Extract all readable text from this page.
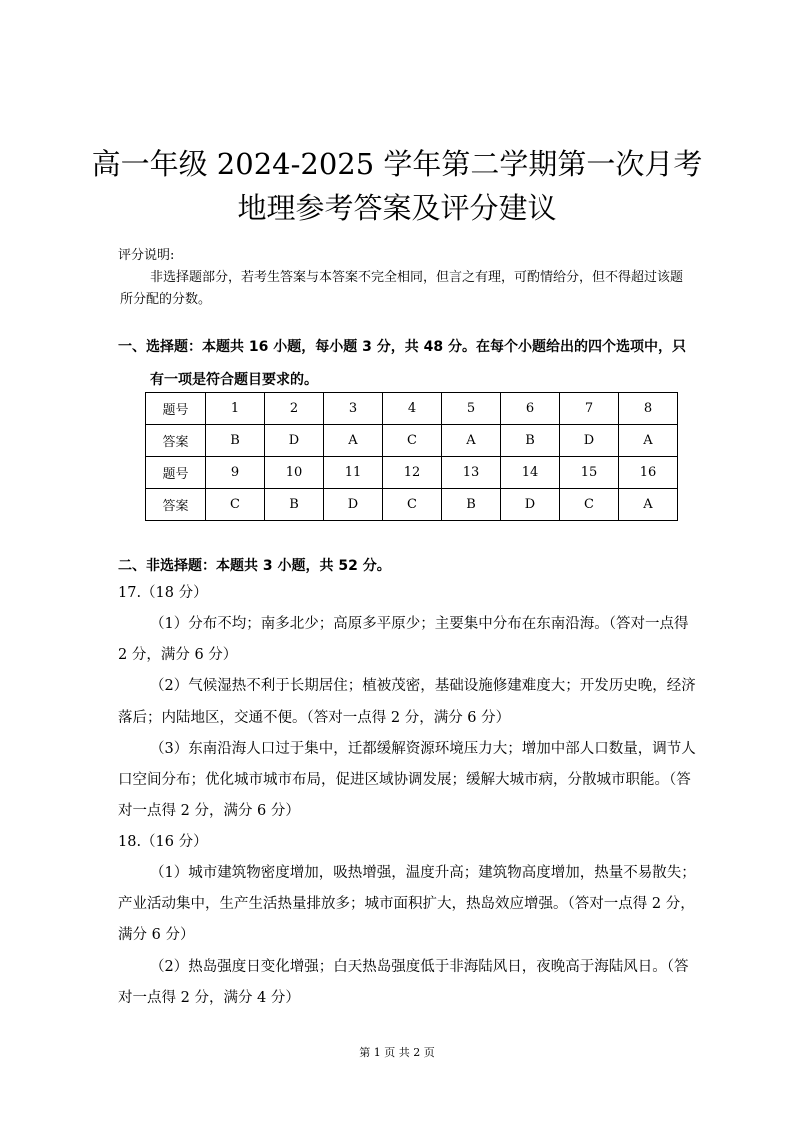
高一年级 2024-2025 学年第二学期第一次月考
地理参考答案及评分建议
评分说明:
非选择题部分，若考生答案与本答案不完全相同，但言之有理，可酌情给分，但不得超过该题
所分配的分数。
一、选择题：本题共 16 小题，每小题 3 分，共 48 分。在每个小题给出的四个选项中，只
有一项是符合题目要求的。
题号	1	2	3	4	5	6	7	8
答案	B	D	A	C	A	B	D	A
题号	9	10	11	12	13	14	15	16
答案	C	B	D	C	B	D	C	A
二、非选择题：本题共 3 小题，共 52 分。
17.（18 分）
（1）分布不均；南多北少；高原多平原少；主要集中分布在东南沿海。（答对一点得
2 分，满分 6 分）
（2）气候湿热不利于长期居住；植被茂密，基础设施修建难度大；开发历史晚，经济
落后；内陆地区，交通不便。（答对一点得 2 分，满分 6 分）
（3）东南沿海人口过于集中，迁都缓解资源环境压力大；增加中部人口数量，调节人
口空间分布；优化城市城市布局，促进区域协调发展；缓解大城市病，分散城市职能。（答
对一点得 2 分，满分 6 分）
18.（16 分）
（1）城市建筑物密度增加，吸热增强，温度升高；建筑物高度增加，热量不易散失；
产业活动集中，生产生活热量排放多；城市面积扩大，热岛效应增强。（答对一点得 2 分，
满分 6 分）
（2）热岛强度日变化增强；白天热岛强度低于非海陆风日，夜晚高于海陆风日。（答
对一点得 2 分，满分 4 分）
第 1 页 共 2 页
